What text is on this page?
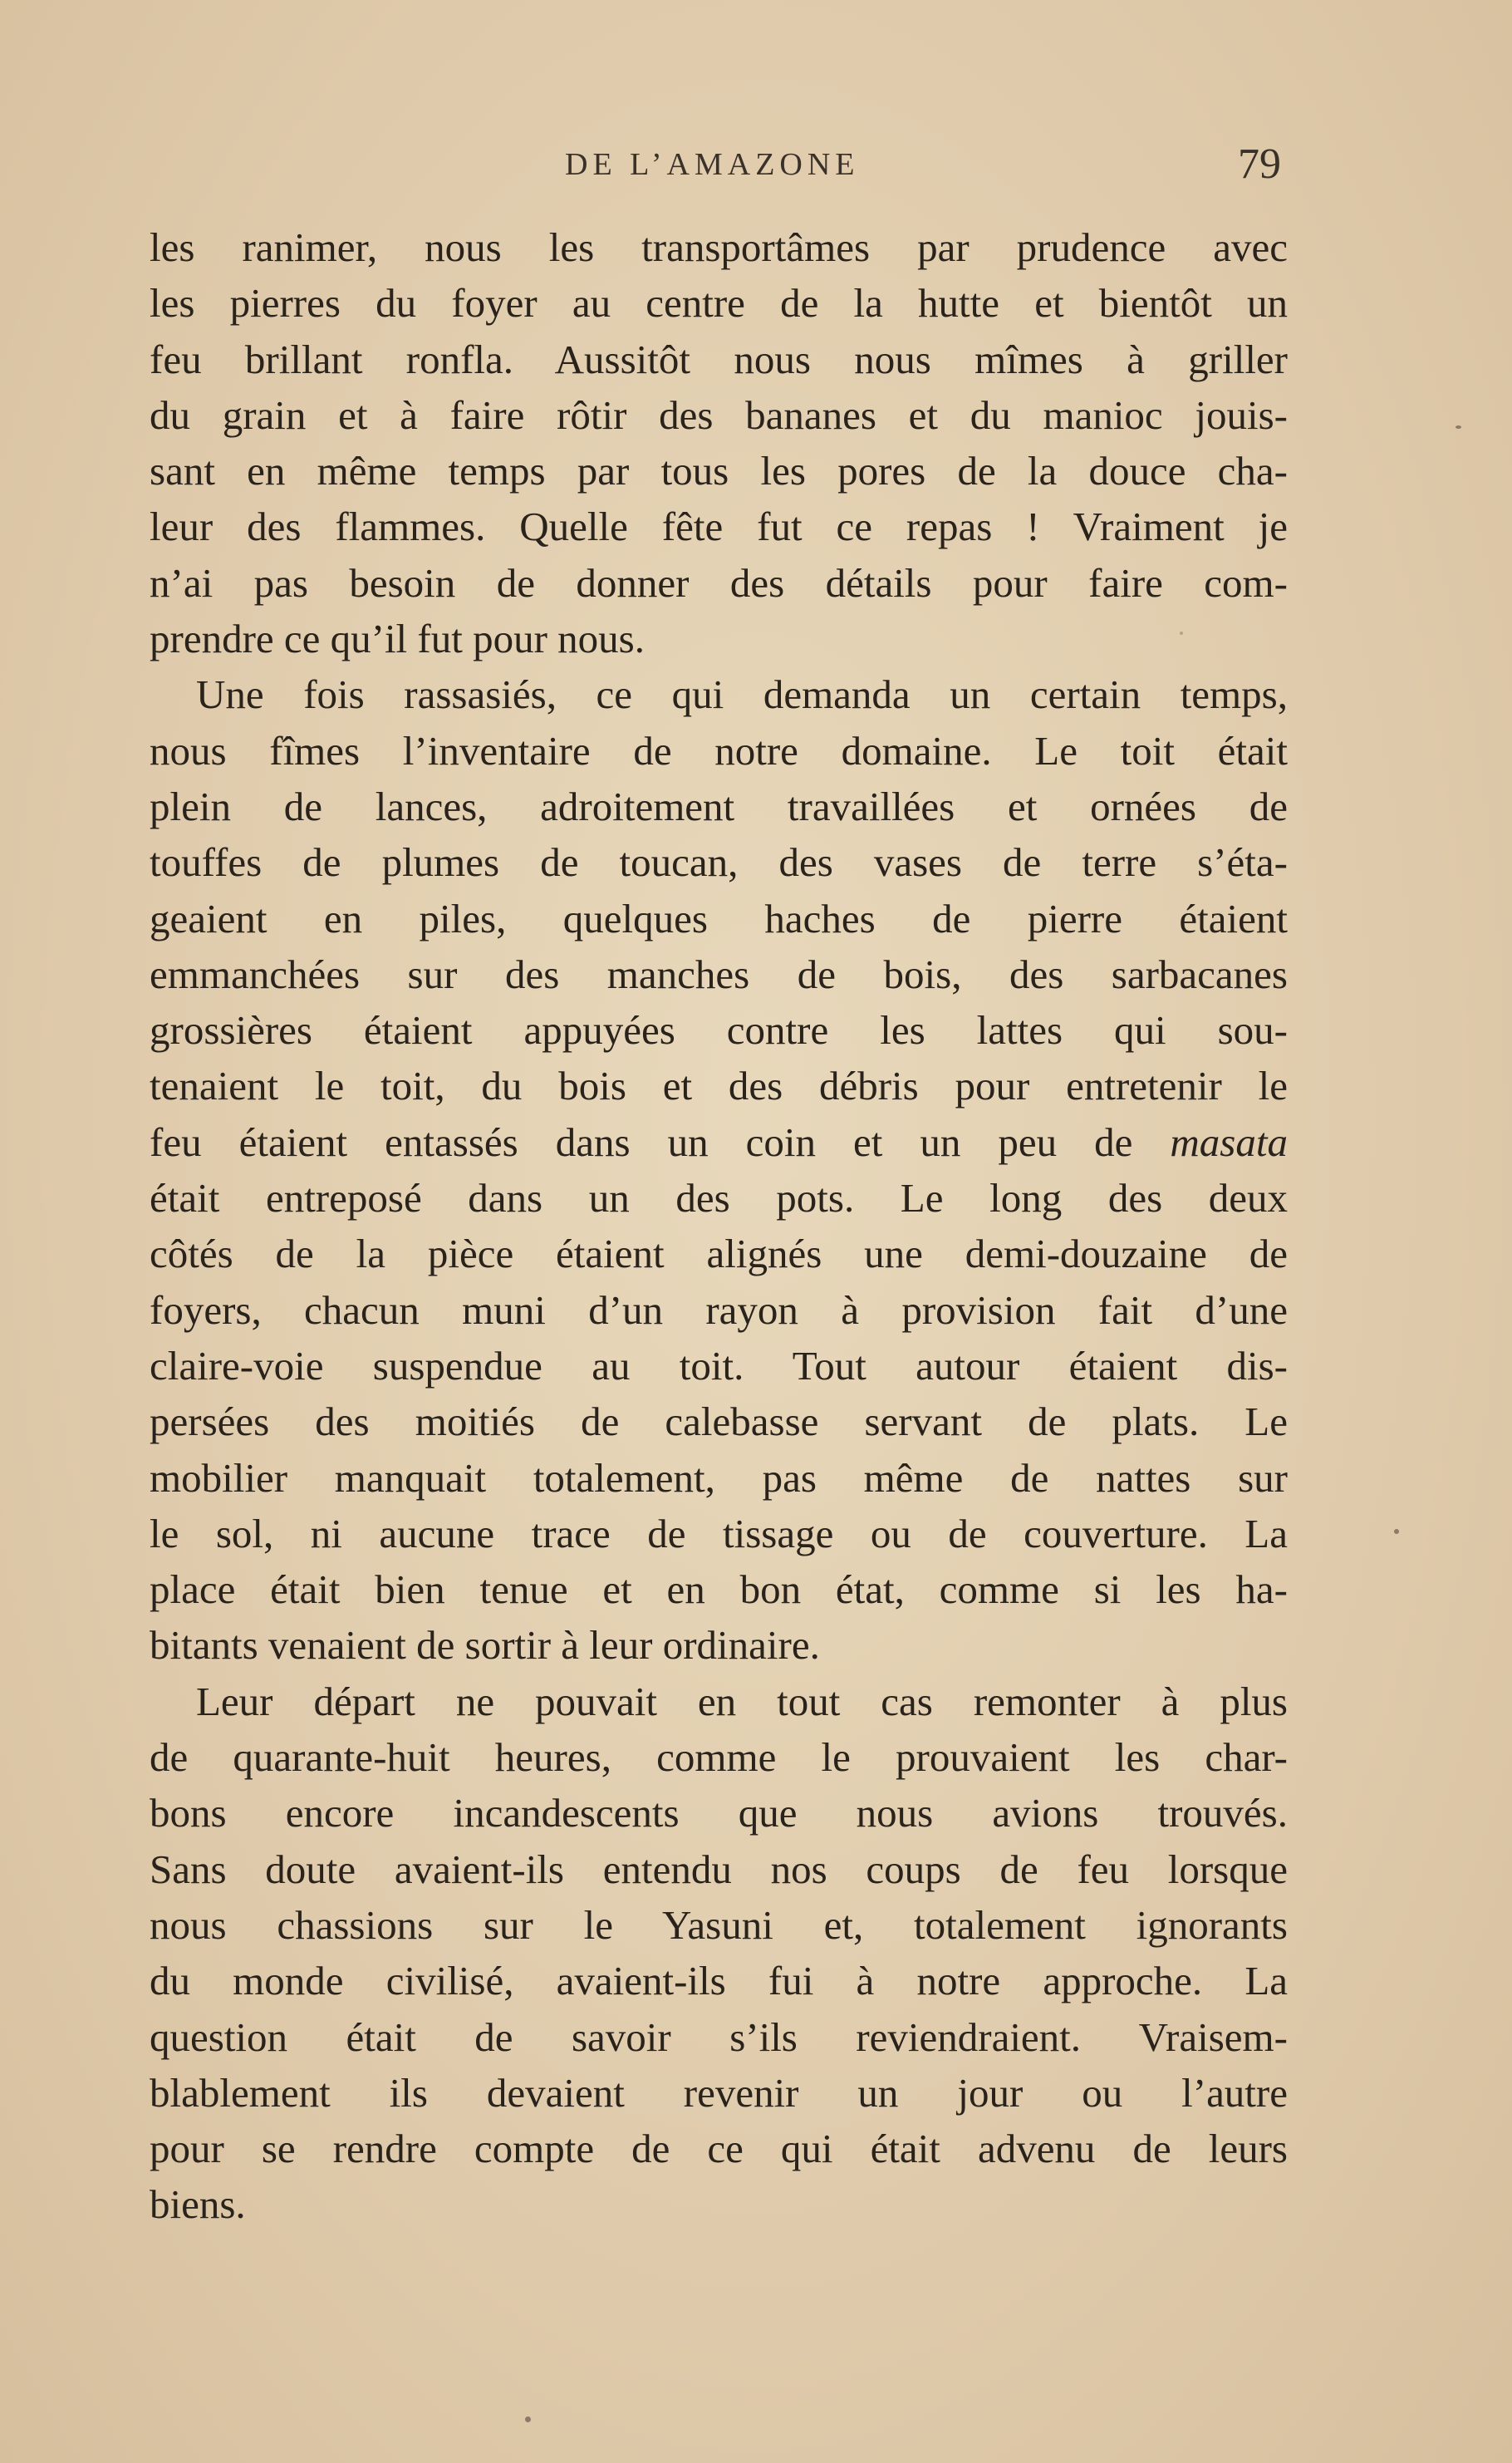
DE L’AMAZONE	79
les ranimer, nous les transportâmes par prudence avec
les pierres du foyer au centre de la hutte et bientôt un
feu brillant ronfla. Aussitôt nous nous mîmes à griller
du grain et à faire rôtir des bananes et du manioc jouis-
sant en même temps par tous les pores de la douce cha-
leur des flammes. Quelle fête fut ce repas ! Vraiment je
n’ai pas besoin de donner des détails pour faire com-
prendre ce qu’il fut pour nous.
Une fois rassasiés, ce qui demanda un certain temps,
nous fîmes l’inventaire de notre domaine. Le toit était
plein de lances, adroitement travaillées et ornées de
touffes de plumes de toucan, des vases de terre s’éta-
geaient en piles, quelques haches de pierre étaient
emmanchées sur des manches de bois, des sarbacanes
grossières étaient appuyées contre les lattes qui sou-
tenaient le toit, du bois et des débris pour entretenir le
feu étaient entassés dans un coin et un peu de masata
était entreposé dans un des pots. Le long des deux
côtés de la pièce étaient alignés une demi-douzaine de
foyers, chacun muni d’un rayon à provision fait d’une
claire-voie suspendue au toit. Tout autour étaient dis-
persées des moitiés de calebasse servant de plats. Le
mobilier manquait totalement, pas même de nattes sur
le sol, ni aucune trace de tissage ou de couverture. La
place était bien tenue et en bon état, comme si les ha-
bitants venaient de sortir à leur ordinaire.
Leur départ ne pouvait en tout cas remonter à plus
de quarante-huit heures, comme le prouvaient les char-
bons encore incandescents que nous avions trouvés.
Sans doute avaient-ils entendu nos coups de feu lorsque
nous chassions sur le Yasuni et, totalement ignorants
du monde civilisé, avaient-ils fui à notre approche. La
question était de savoir s’ils reviendraient. Vraisem-
blablement ils devaient revenir un jour ou l’autre
pour se rendre compte de ce qui était advenu de leurs
biens.
